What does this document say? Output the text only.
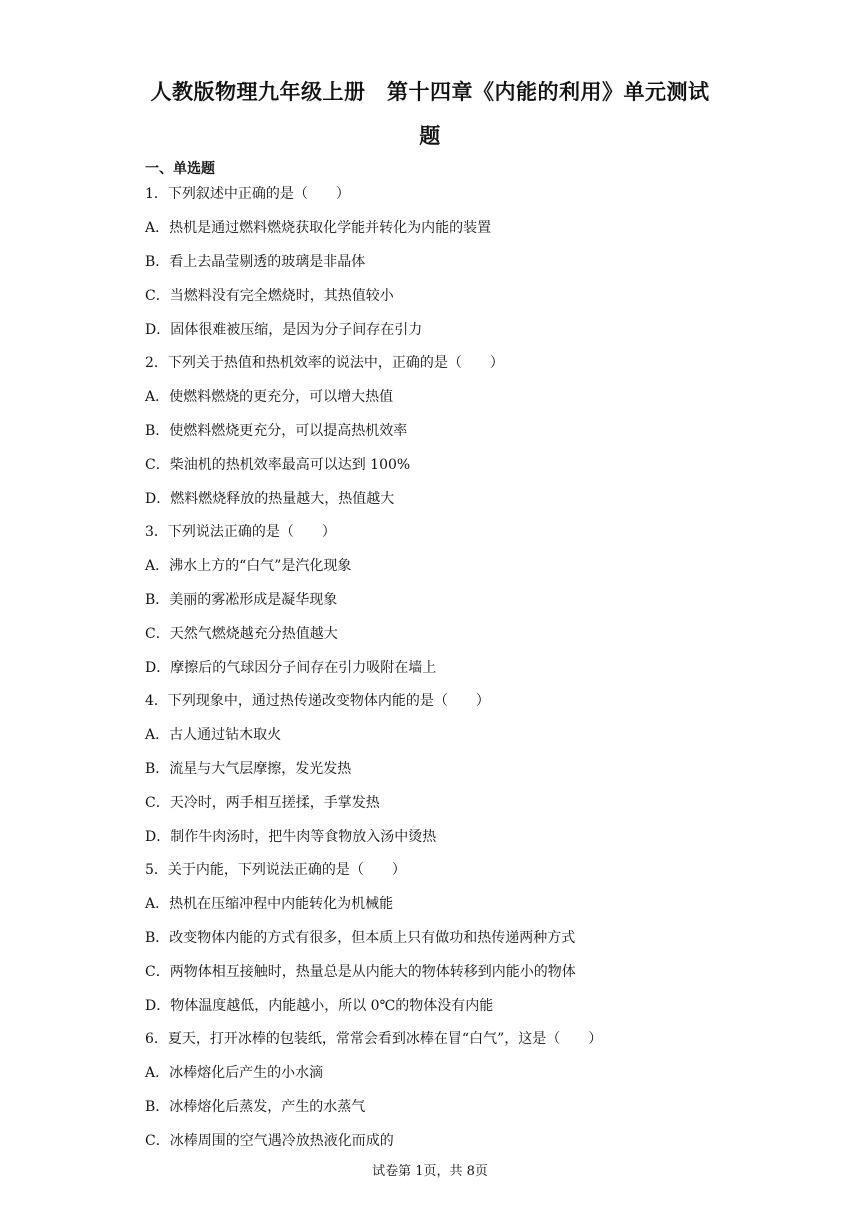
人教版物理九年级上册　第十四章《内能的利用》单元测试
题
一、单选题
1．下列叙述中正确的是（　　）
A．热机是通过燃料燃烧获取化学能并转化为内能的装置
B．看上去晶莹剔透的玻璃是非晶体
C．当燃料没有完全燃烧时，其热值较小
D．固体很难被压缩，是因为分子间存在引力
2．下列关于热值和热机效率的说法中，正确的是（　　）
A．使燃料燃烧的更充分，可以增大热值
B．使燃料燃烧更充分，可以提高热机效率
C．柴油机的热机效率最高可以达到 100%
D．燃料燃烧释放的热量越大，热值越大
3．下列说法正确的是（　　）
A．沸水上方的“白气”是汽化现象
B．美丽的雾凇形成是凝华现象
C．天然气燃烧越充分热值越大
D．摩擦后的气球因分子间存在引力吸附在墙上
4．下列现象中，通过热传递改变物体内能的是（　　）
A．古人通过钻木取火
B．流星与大气层摩擦，发光发热
C．天冷时，两手相互搓揉，手掌发热
D．制作牛肉汤时，把牛肉等食物放入汤中烫热
5．关于内能，下列说法正确的是（　　）
A．热机在压缩冲程中内能转化为机械能
B．改变物体内能的方式有很多，但本质上只有做功和热传递两种方式
C．两物体相互接触时，热量总是从内能大的物体转移到内能小的物体
D．物体温度越低，内能越小，所以 0℃的物体没有内能
6．夏天，打开冰棒的包装纸，常常会看到冰棒在冒“白气”，这是（　　）
A．冰棒熔化后产生的小水滴
B．冰棒熔化后蒸发，产生的水蒸气
C．冰棒周围的空气遇冷放热液化而成的
试卷第 1页，共 8页
